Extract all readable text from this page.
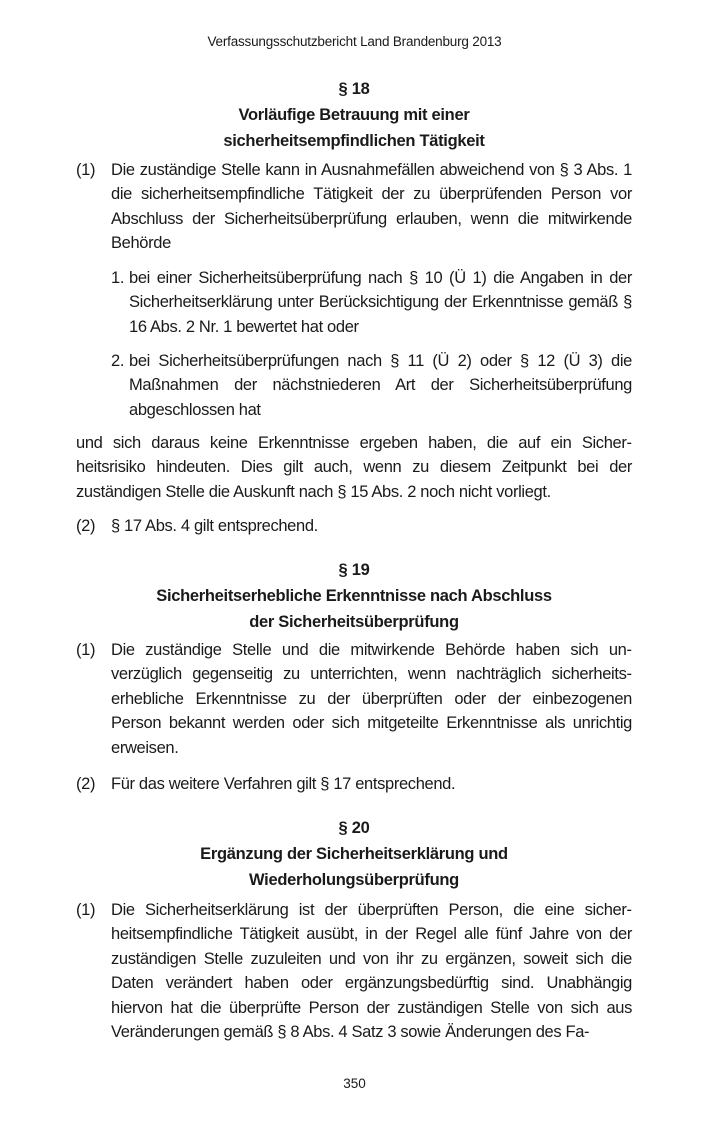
Verfassungsschutzbericht Land Brandenburg 2013
§ 18
Vorläufige Betrauung mit einer
sicherheitsempfindlichen Tätigkeit
(1) Die zuständige Stelle kann in Ausnahmefällen abweichend von § 3 Abs. 1 die sicherheitsempfindliche Tätigkeit der zu überprüfenden Person vor Abschluss der Sicherheitsüberprüfung erlauben, wenn die mitwirkende Behörde
1. bei einer Sicherheitsüberprüfung nach § 10 (Ü 1) die Angaben in der Sicherheitserklärung unter Berücksichtigung der Erkenntnisse gemäß § 16 Abs. 2 Nr. 1 bewertet hat oder
2. bei Sicherheitsüberprüfungen nach § 11 (Ü 2) oder § 12 (Ü 3) die Maßnahmen der nächstniederen Art der Sicherheitsüberprüfung abgeschlossen hat
und sich daraus keine Erkenntnisse ergeben haben, die auf ein Sicherheitsrisiko hindeuten. Dies gilt auch, wenn zu diesem Zeitpunkt bei der zuständigen Stelle die Auskunft nach § 15 Abs. 2 noch nicht vorliegt.
(2) § 17 Abs. 4 gilt entsprechend.
§ 19
Sicherheitserhebliche Erkenntnisse nach Abschluss
der Sicherheitsüberprüfung
(1) Die zuständige Stelle und die mitwirkende Behörde haben sich unverzüglich gegenseitig zu unterrichten, wenn nachträglich sicherheitserhebliche Erkenntnisse zu der überprüften oder der einbezogenen Person bekannt werden oder sich mitgeteilte Erkenntnisse als unrichtig erweisen.
(2) Für das weitere Verfahren gilt § 17 entsprechend.
§ 20
Ergänzung der Sicherheitserklärung und
Wiederholungsüberprüfung
(1) Die Sicherheitserklärung ist der überprüften Person, die eine sicherheitsempfindliche Tätigkeit ausübt, in der Regel alle fünf Jahre von der zuständigen Stelle zuzuleiten und von ihr zu ergänzen, soweit sich die Daten verändert haben oder ergänzungsbedürftig sind. Unabhängig hiervon hat die überprüfte Person der zuständigen Stelle von sich aus Veränderungen gemäß § 8 Abs. 4 Satz 3 sowie Änderungen des Fa-
350
